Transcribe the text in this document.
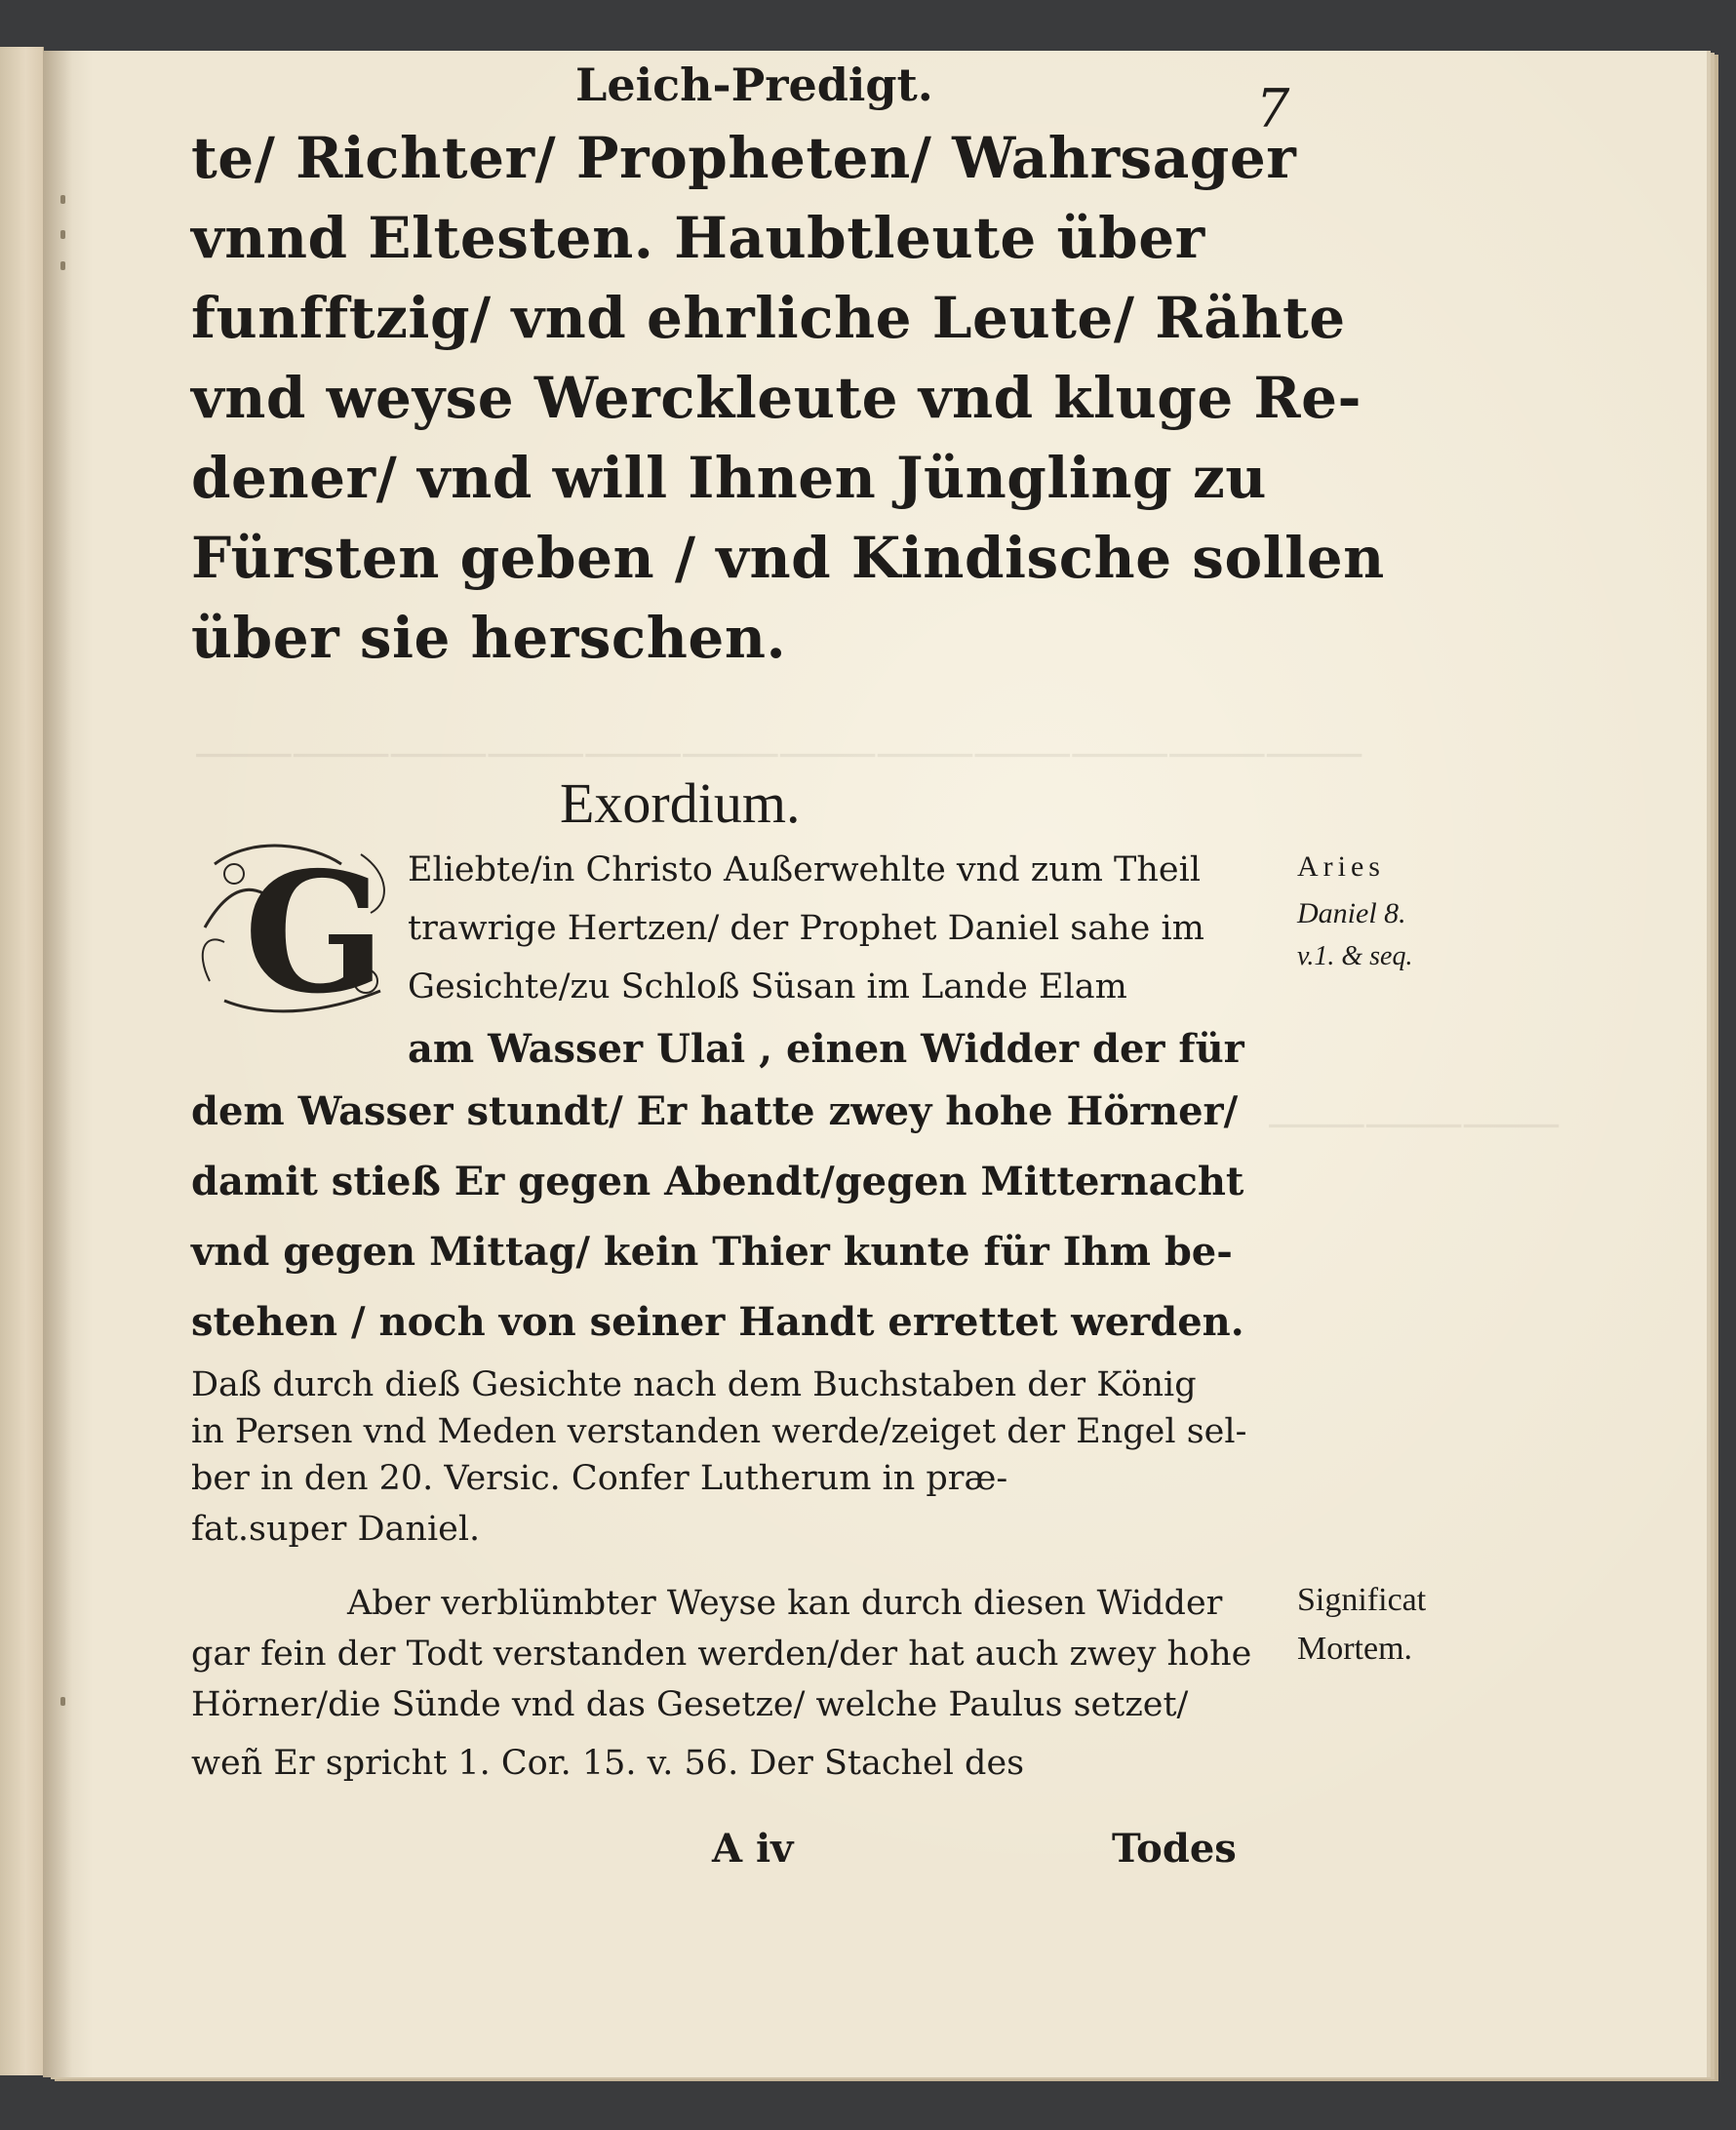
⸻⸻⸻⸻⸻⸻⸻⸻⸻⸻⸻⸻
⸻⸻⸻
Leich-Predigt.	7
te/ Richter/ Propheten/ Wahrsager
vnnd Eltesten. Haubtleute über
funfftzig/ vnd ehrliche Leute/ Rähte
vnd weyse Werckleute vnd kluge Re-
dener/ vnd will Ihnen Jüngling zu
Fürsten geben / vnd Kindische sollen
über sie herschen.
Exordium.
G Eliebte/in Christo Außerwehlte vnd zum Theil
trawrige Hertzen/ der Prophet Daniel sahe im
Gesichte/zu Schloß Süsan im Lande Elam
am Wasser Ulai , einen Widder der für
dem Wasser stundt/ Er hatte zwey hohe Hörner/
damit stieß Er gegen Abendt/gegen Mitternacht
vnd gegen Mittag/ kein Thier kunte für Ihm be-
stehen / noch von seiner Handt errettet werden.
Daß durch dieß Gesichte nach dem Buchstaben der König
in Persen vnd Meden verstanden werde/zeiget der Engel sel-
ber in den 20. Versic. Confer Lutherum in præ-
fat.super Daniel.
Aber verblümbter Weyse kan durch diesen Widder
gar fein der Todt verstanden werden/der hat auch zwey hohe
Hörner/die Sünde vnd das Gesetze/ welche Paulus setzet/
weñ Er spricht 1. Cor. 15. v. 56. Der Stachel des
A iv	Todes
Aries
Daniel 8.
v.1. & seq.
Significat
Mortem.
